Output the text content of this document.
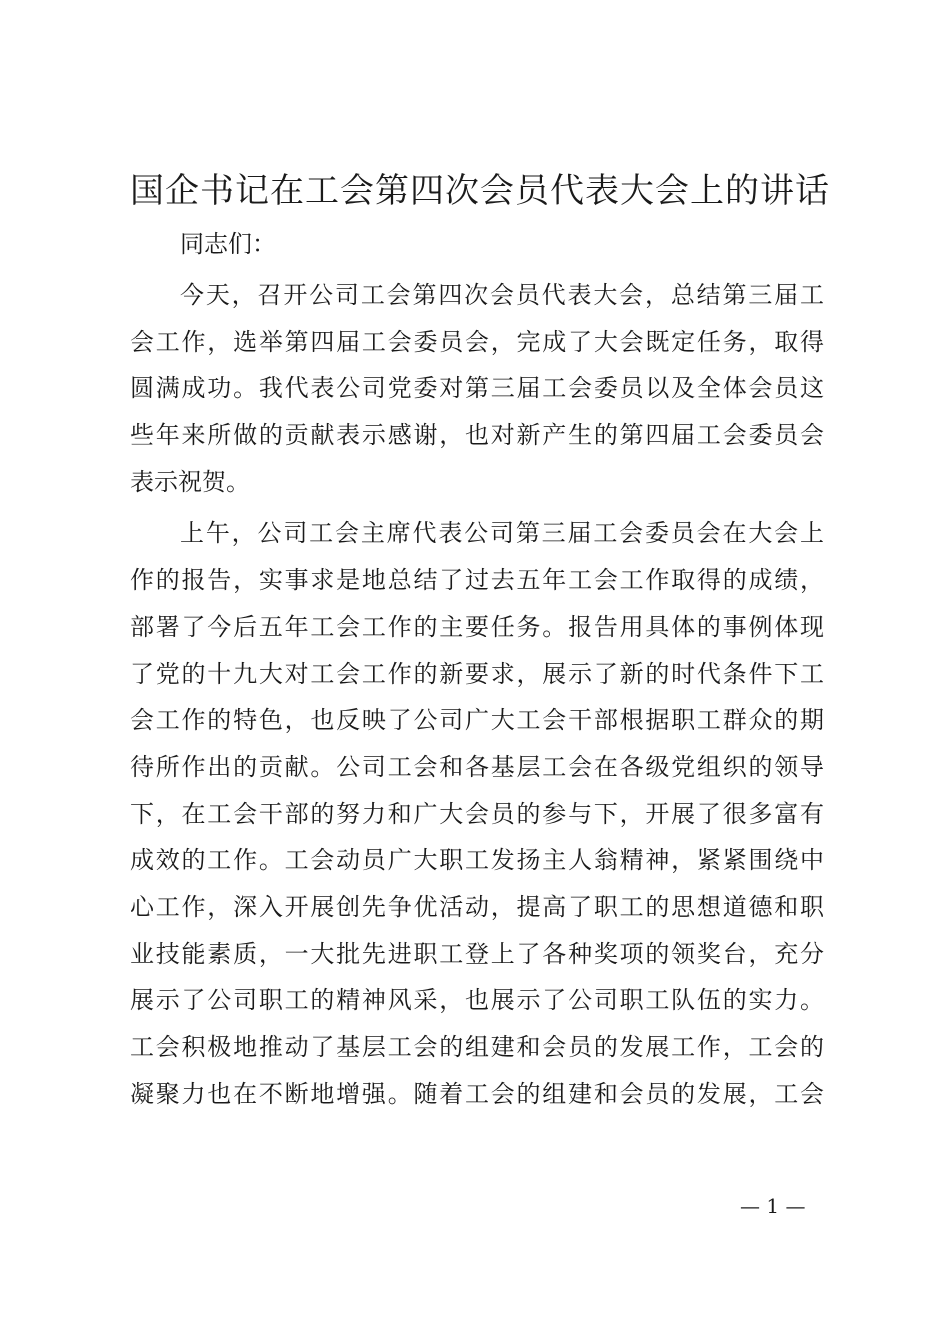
国企书记在工会第四次会员代表大会上的讲话
同志们：
今天，召开公司工会第四次会员代表大会，总结第三届工
会工作，选举第四届工会委员会，完成了大会既定任务，取得
圆满成功。我代表公司党委对第三届工会委员以及全体会员这
些年来所做的贡献表示感谢，也对新产生的第四届工会委员会
表示祝贺。
上午，公司工会主席代表公司第三届工会委员会在大会上
作的报告，实事求是地总结了过去五年工会工作取得的成绩，
部署了今后五年工会工作的主要任务。报告用具体的事例体现
了党的十九大对工会工作的新要求，展示了新的时代条件下工
会工作的特色，也反映了公司广大工会干部根据职工群众的期
待所作出的贡献。公司工会和各基层工会在各级党组织的领导
下，在工会干部的努力和广大会员的参与下，开展了很多富有
成效的工作。工会动员广大职工发扬主人翁精神，紧紧围绕中
心工作，深入开展创先争优活动，提高了职工的思想道德和职
业技能素质，一大批先进职工登上了各种奖项的领奖台，充分
展示了公司职工的精神风采，也展示了公司职工队伍的实力。
工会积极地推动了基层工会的组建和会员的发展工作，工会的
凝聚力也在不断地增强。随着工会的组建和会员的发展，工会
— 1 —
